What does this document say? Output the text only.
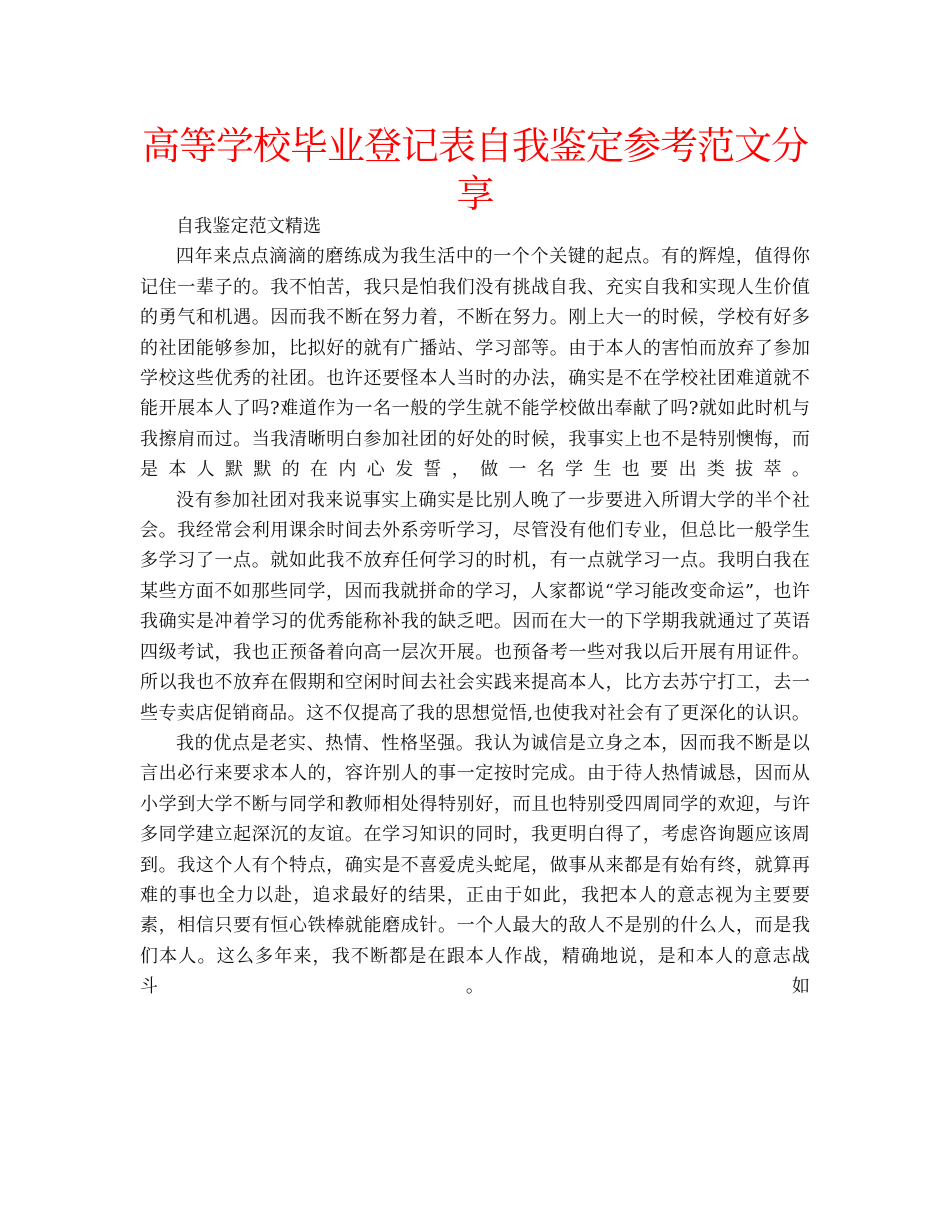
高等学校毕业登记表自我鉴定参考范文分享

自我鉴定范文精选

四年来点点滴滴的磨练成为我生活中的一个个关键的起点。有的辉煌，值得你记住一辈子的。我不怕苦，我只是怕我们没有挑战自我、充实自我和实现人生价值的勇气和机遇。因而我不断在努力着，不断在努力。刚上大一的时候，学校有好多的社团能够参加，比拟好的就有广播站、学习部等。由于本人的害怕而放弃了参加学校这些优秀的社团。也许还要怪本人当时的办法，确实是不在学校社团难道就不能开展本人了吗?难道作为一名一般的学生就不能学校做出奉献了吗?就如此时机与我擦肩而过。当我清晰明白参加社团的好处的时候，我事实上也不是特别懊悔，而是本人默默的在内心发誓，做一名学生也要出类拔萃。

没有参加社团对我来说事实上确实是比别人晚了一步要进入所谓大学的半个社会。我经常会利用课余时间去外系旁听学习，尽管没有他们专业，但总比一般学生多学习了一点。就如此我不放弃任何学习的时机，有一点就学习一点。我明白我在某些方面不如那些同学，因而我就拼命的学习，人家都说“学习能改变命运”，也许我确实是冲着学习的优秀能称补我的缺乏吧。因而在大一的下学期我就通过了英语四级考试，我也正预备着向高一层次开展。也预备考一些对我以后开展有用证件。所以我也不放弃在假期和空闲时间去社会实践来提高本人，比方去苏宁打工，去一些专卖店促销商品。这不仅提高了我的思想觉悟,也使我对社会有了更深化的认识。

我的优点是老实、热情、性格坚强。我认为诚信是立身之本，因而我不断是以言出必行来要求本人的，容许别人的事一定按时完成。由于待人热情诚恳，因而从小学到大学不断与同学和教师相处得特别好，而且也特别受四周同学的欢迎，与许多同学建立起深沉的友谊。在学习知识的同时，我更明白得了，考虑咨询题应该周到。我这个人有个特点，确实是不喜爱虎头蛇尾，做事从来都是有始有终，就算再难的事也全力以赴，追求最好的结果，正由于如此，我把本人的意志视为主要要素，相信只要有恒心铁棒就能磨成针。一个人最大的敌人不是别的什么人，而是我们本人。这么多年来，我不断都是在跟本人作战，精确地说，是和本人的意志战斗。如
